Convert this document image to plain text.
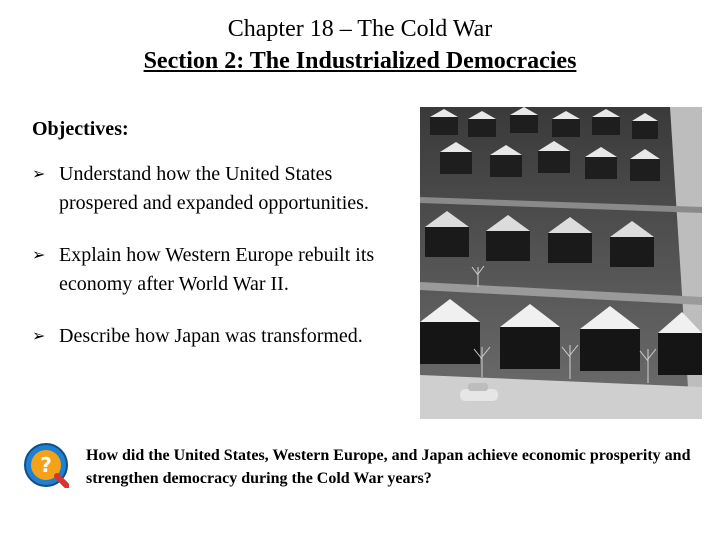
Chapter 18 – The Cold War
Section 2: The Industrialized Democracies
Objectives:
➢ Understand how the United States prospered and expanded opportunities.
➢ Explain how Western Europe rebuilt its economy after World War II.
➢ Describe how Japan was transformed.
? How did the United States, Western Europe, and Japan achieve economic prosperity and strengthen democracy during the Cold War years?
